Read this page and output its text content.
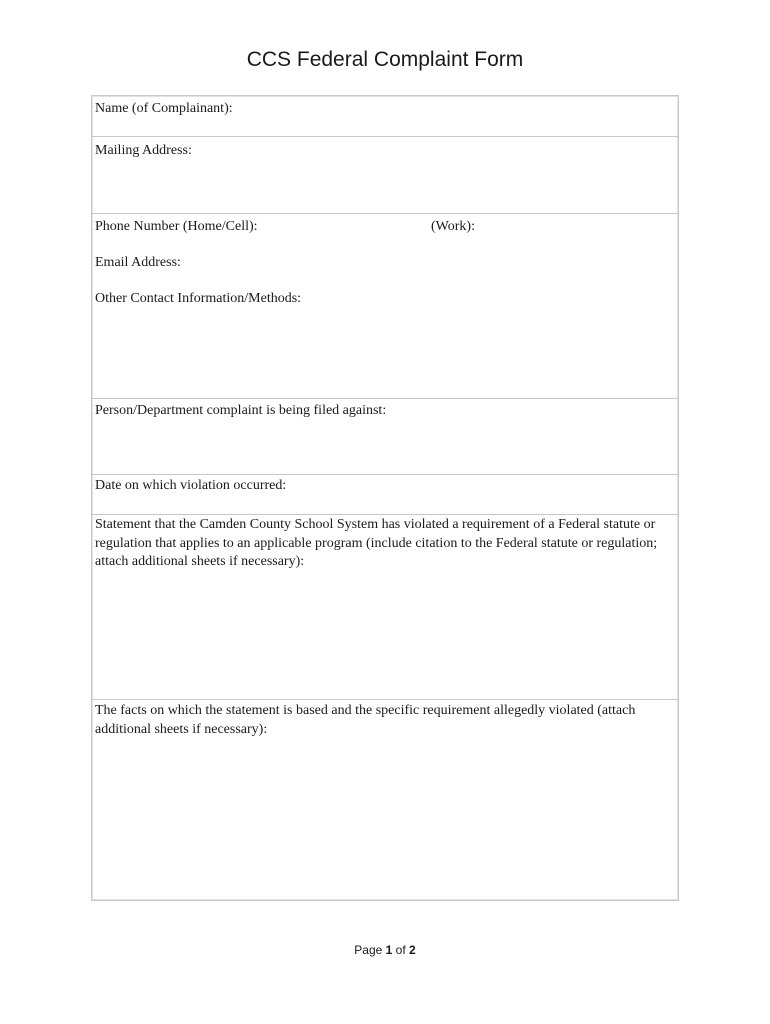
CCS Federal Complaint Form
Name (of Complainant):
Mailing Address:
Phone Number (Home/Cell):	(Work):
Email Address:
Other Contact Information/Methods:
Person/Department complaint is being filed against:
Date on which violation occurred:
Statement that the Camden County School System has violated a requirement of a Federal statute or regulation that applies to an applicable program (include citation to the Federal statute or regulation; attach additional sheets if necessary):
The facts on which the statement is based and the specific requirement allegedly violated (attach additional sheets if necessary):
Page 1 of 2
